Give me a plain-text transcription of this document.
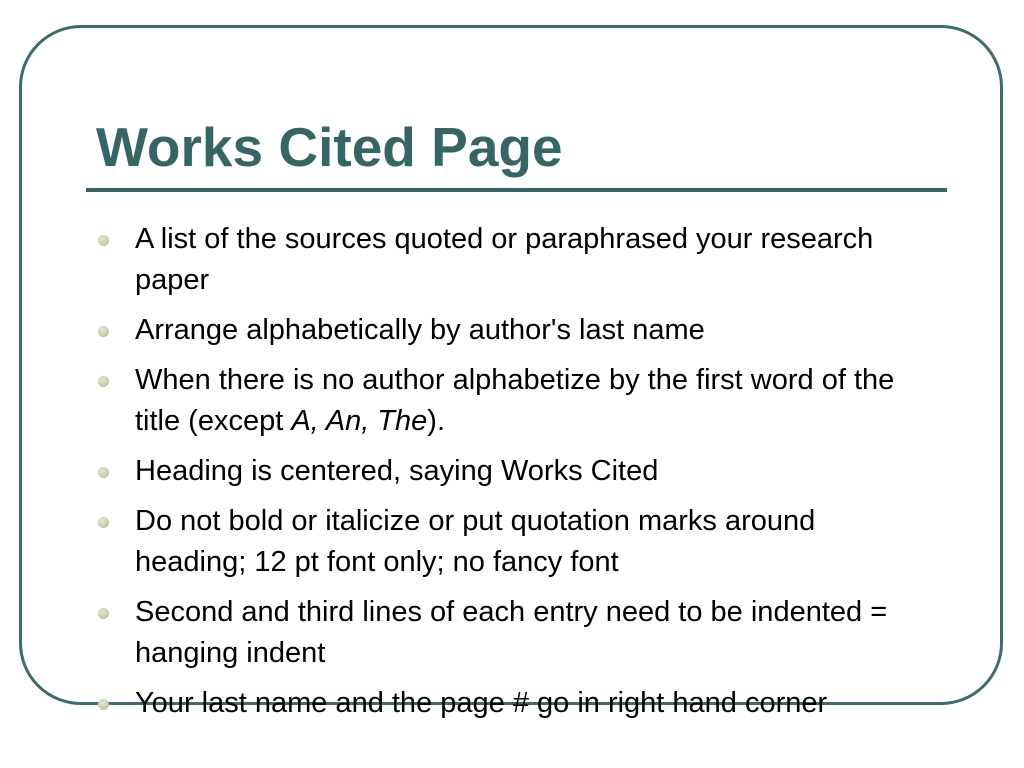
Works Cited Page
A list of the sources quoted or paraphrased your research paper
Arrange alphabetically by author's last name
When there is no author alphabetize by the first word of the title (except A, An, The).
Heading is centered, saying Works Cited
Do not bold or italicize or put quotation marks around heading; 12 pt font only; no fancy font
Second and third lines of each entry need to be indented = hanging indent
Your last name and the page # go in right hand corner
